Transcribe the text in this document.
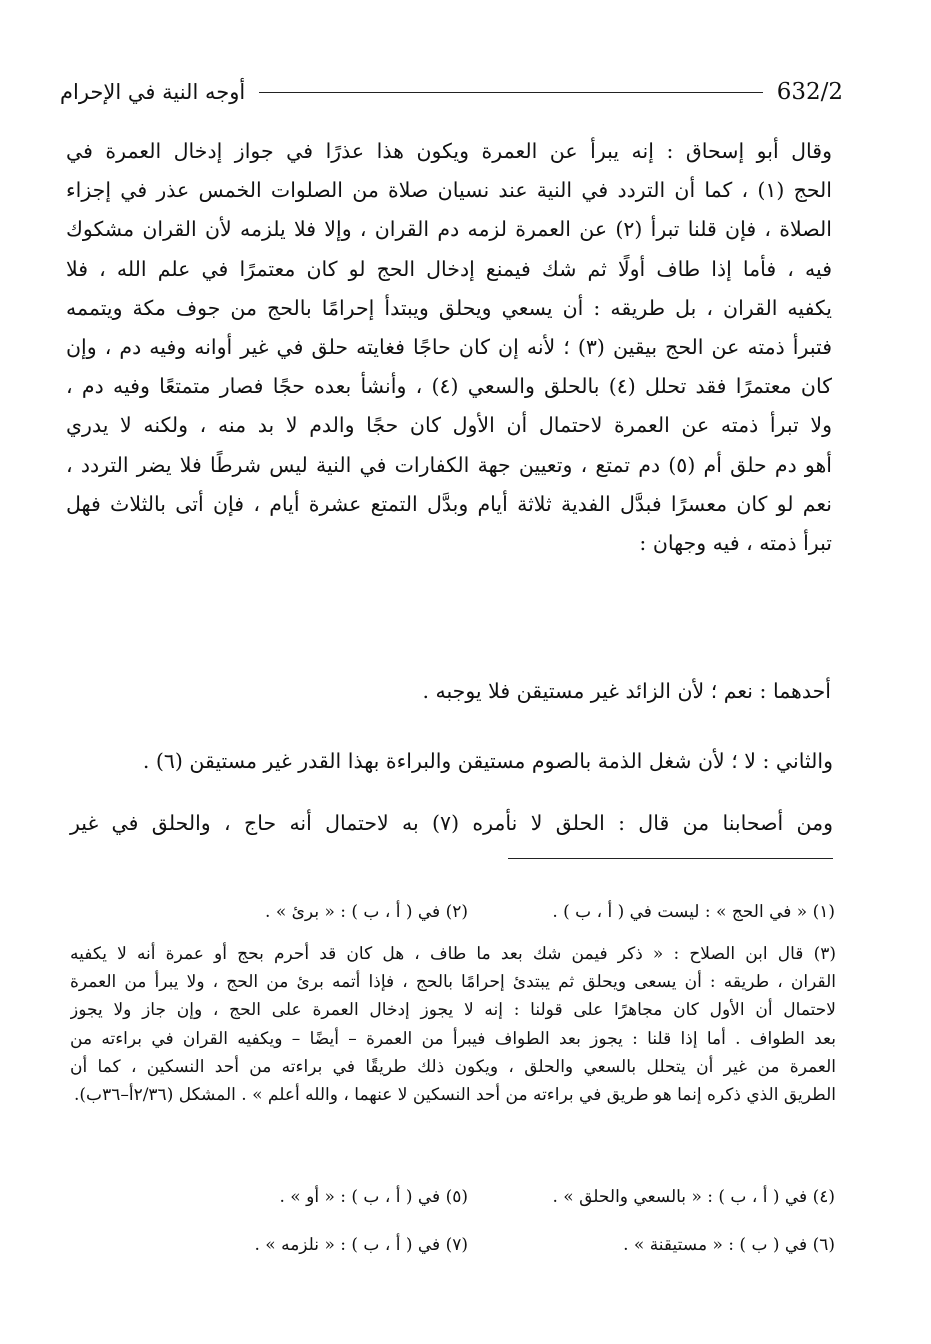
أوجه النية في الإحرام	632/2
وقال أبو إسحاق : إنه يبرأ عن العمرة ويكون هذا عذرًا في جواز إدخال العمرة في
الحج (١) ، كما أن التردد في النية عند نسيان صلاة من الصلوات الخمس عذر في إجزاء
الصلاة ، فإن قلنا تبرأ (٢) عن العمرة لزمه دم القران ، وإلا فلا يلزمه لأن القران مشكوك
فيه ، فأما إذا طاف أولًا ثم شك فيمنع إدخال الحج لو كان معتمرًا في علم الله ، فلا
يكفيه القران ، بل طريقه : أن يسعي ويحلق ويبتدأ إحرامًا بالحج من جوف مكة ويتممه
فتبرأ ذمته عن الحج بيقين (٣) ؛ لأنه إن كان حاجًا فغايته حلق في غير أوانه وفيه دم ، وإن
كان معتمرًا فقد تحلل (٤) بالحلق والسعي (٤) ، وأنشأ بعده حجًا فصار متمتعًا وفيه دم ،
ولا تبرأ ذمته عن العمرة لاحتمال أن الأول كان حجًا والدم لا بد منه ، ولكنه لا يدري
أهو دم حلق أم (٥) دم تمتع ، وتعيين جهة الكفارات في النية ليس شرطًا فلا يضر التردد ،
نعم لو كان معسرًا فبدَّل الفدية ثلاثة أيام وبدَّل التمتع عشرة أيام ، فإن أتى بالثلاث فهل
تبرأ ذمته ، فيه وجهان :
أحدهما : نعم ؛ لأن الزائد غير مستيقن فلا يوجبه .
والثاني : لا ؛ لأن شغل الذمة بالصوم مستيقن والبراءة بهذا القدر غير مستيقن (٦) .
ومن أصحابنا من قال : الحلق لا نأمره (٧) به لاحتمال أنه حاج ، والحلق في غير
(١) « في الحج » : ليست في ( أ ، ب ) .(٢) في ( أ ، ب ) : « برئ » .
(٣) قال ابن الصلاح : « ذكر فيمن شك بعد ما طاف ، هل كان قد أحرم بحج أو عمرة أنه لا يكفيه
القران ، طريقه : أن يسعى ويحلق ثم يبتدئ إحرامًا بالحج ، فإذا أتمه برئ من الحج ، ولا يبرأ من العمرة
لاحتمال أن الأول كان مجاهرًا على قولنا : إنه لا يجوز إدخال العمرة على الحج ، وإن جاز ولا يجوز
بعد الطواف . أما إذا قلنا : يجوز بعد الطواف فيبرأ من العمرة – أيضًا – ويكفيه القران في براءته من
العمرة من غير أن يتحلل بالسعي والحلق ، ويكون ذلك طريقًا في براءته من أحد النسكين ، كما أن
الطريق الذي ذكره إنما هو طريق في براءته من أحد النسكين لا عنهما ، والله أعلم » . المشكل (٢/٣٦أ–٣٦ب).
(٤) في ( أ ، ب ) : « بالسعي والحلق » .(٥) في ( أ ، ب ) : « أو » .
(٦) في ( ب ) : « مستيقنة » .(٧) في ( أ ، ب ) : « نلزمه » .
